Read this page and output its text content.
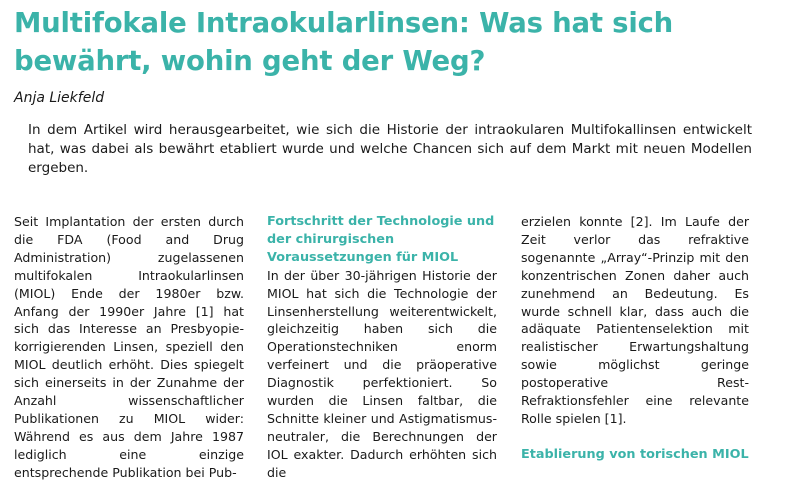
Multifokale Intraokularlinsen: Was hat sich bewährt, wohin geht der Weg?

Anja Liekfeld

In dem Artikel wird herausgearbeitet, wie sich die Historie der intraokularen Multifokallinsen entwickelt hat, was dabei als bewährt etabliert wurde und welche Chancen sich auf dem Markt mit neuen Modellen ergeben.

Seit Implantation der ersten durch die FDA (Food and Drug Administration) zugelassenen multifokalen Intraokularlinsen (MIOL) Ende der 1980er bzw. Anfang der 1990er Jahre [1] hat sich das Interesse an Presbyopie-korrigierenden Linsen, speziell den MIOL deutlich erhöht. Dies spiegelt sich einerseits in der Zunahme der Anzahl wissenschaftlicher Publikationen zu MIOL wider: Während es aus dem Jahre 1987 lediglich eine einzige entsprechende Publikation bei Pub-

Fortschritt der Technologie und der chirurgischen Voraussetzungen für MIOL

In der über 30-jährigen Historie der MIOL hat sich die Technologie der Linsenherstellung weiterentwickelt, gleichzeitig haben sich die Operationstechniken enorm verfeinert und die präoperative Diagnostik perfektioniert. So wurden die Linsen faltbar, die Schnitte kleiner und Astigmatismus-neutraler, die Berechnungen der IOL exakter. Dadurch erhöhten sich die

erzielen konnte [2]. Im Laufe der Zeit verlor das refraktive sogenannte „Array“-Prinzip mit den konzentrischen Zonen daher auch zunehmend an Bedeutung. Es wurde schnell klar, dass auch die adäquate Patientenselektion mit realistischer Erwartungshaltung sowie möglichst geringe postoperative Rest-Refraktionsfehler eine relevante Rolle spielen [1].

Etablierung von torischen MIOL
